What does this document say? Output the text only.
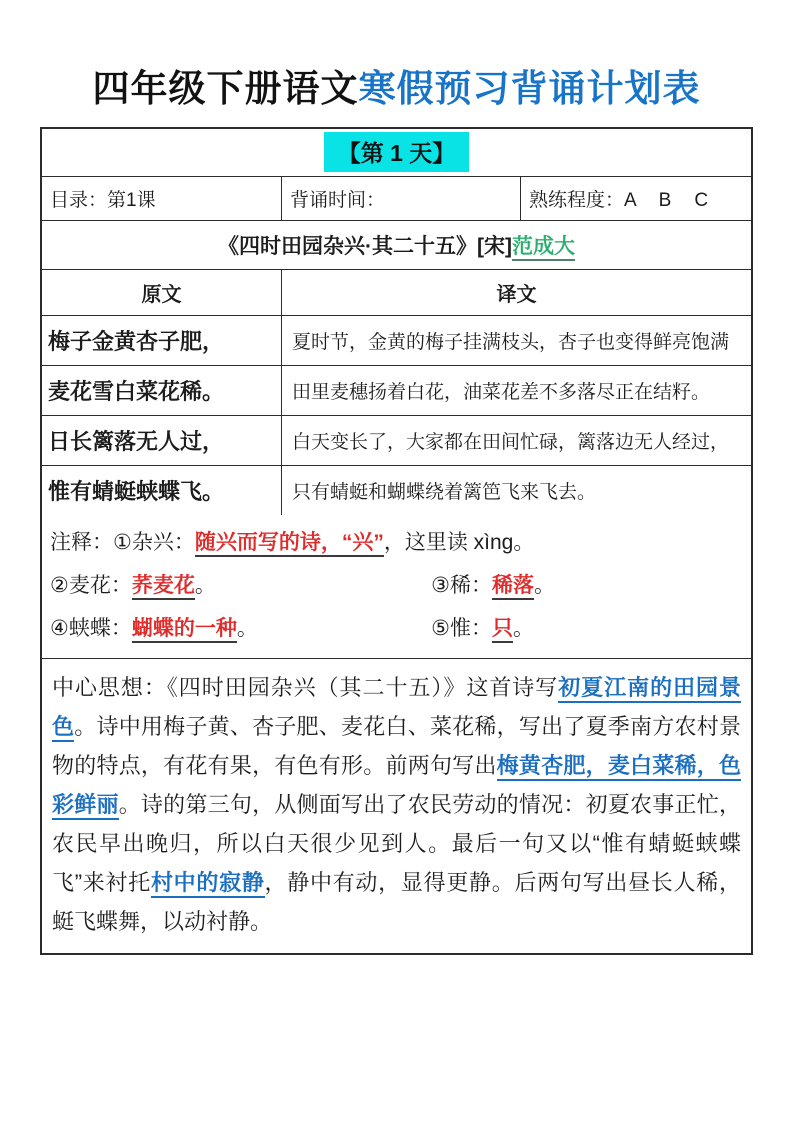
四年级下册语文寒假预习背诵计划表
【第 1 天】
目录：第1课	背诵时间：	熟练程度：A　B　C
《四时田园杂兴·其二十五》[宋]范成大
原文	译文
梅子金黄杏子肥，	夏时节，金黄的梅子挂满枝头，杏子也变得鲜亮饱满
麦花雪白菜花稀。	田里麦穗扬着白花，油菜花差不多落尽正在结籽。
日长篱落无人过，	白天变长了，大家都在田间忙碌，篱落边无人经过，
惟有蜻蜓蛱蝶飞。	只有蜻蜓和蝴蝶绕着篱笆飞来飞去。
注释：①杂兴：随兴而写的诗，“兴”，这里读 xìng。
②麦花：荞麦花。	③稀：稀落。
④蛱蝶：蝴蝶的一种。	⑤惟：只。
中心思想：《四时田园杂兴（其二十五）》这首诗写初夏江南的田园景色。诗中用梅子黄、杏子肥、麦花白、菜花稀，写出了夏季南方农村景物的特点，有花有果，有色有形。前两句写出梅黄杏肥，麦白菜稀，色彩鲜丽。诗的第三句，从侧面写出了农民劳动的情况：初夏农事正忙，农民早出晚归，所以白天很少见到人。最后一句又以“惟有蜻蜓蛱蝶飞”来衬托村中的寂静，静中有动，显得更静。后两句写出昼长人稀，蜓飞蝶舞，以动衬静。
